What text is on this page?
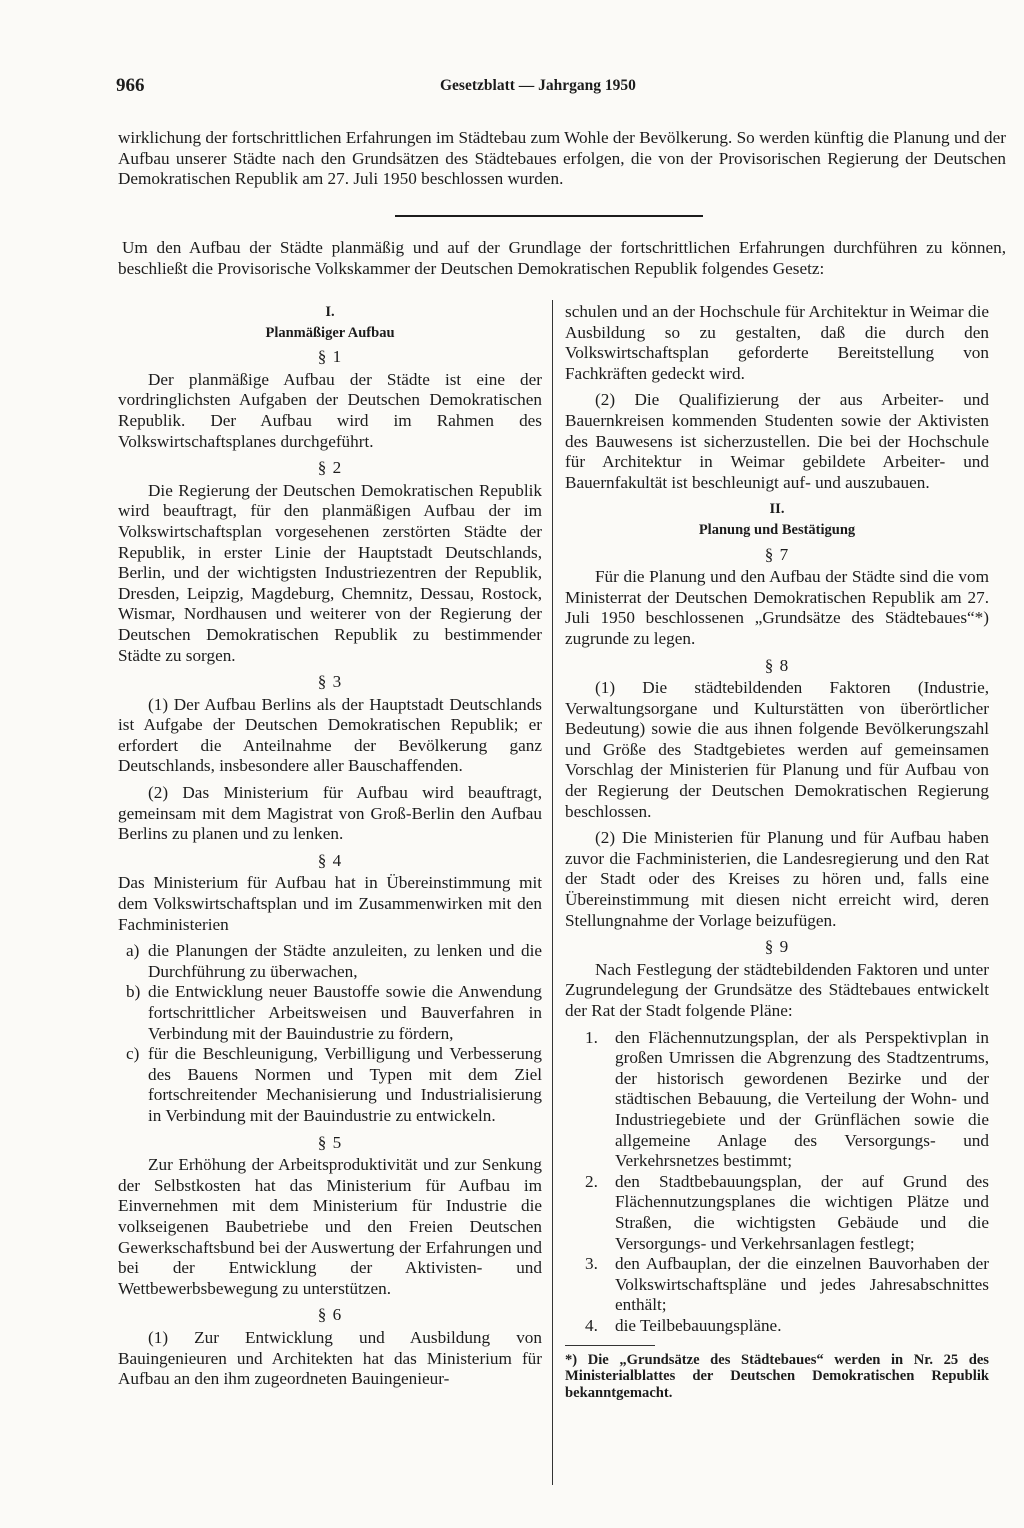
966	Gesetzblatt — Jahrgang 1950

wirklichung der fortschrittlichen Erfahrungen im Städtebau zum Wohle der Bevölkerung. So werden künftig die Planung und der Aufbau unserer Städte nach den Grundsätzen des Städtebaues erfolgen, die von der Provisorischen Regierung der Deutschen Demokratischen Republik am 27. Juli 1950 beschlossen wurden.

Um den Aufbau der Städte planmäßig und auf der Grundlage der fortschrittlichen Erfahrungen durchführen zu können, beschließt die Provisorische Volkskammer der Deutschen Demokratischen Republik folgendes Gesetz:

I.
Planmäßiger Aufbau
§ 1

Der planmäßige Aufbau der Städte ist eine der vordringlichsten Aufgaben der Deutschen Demokratischen Republik. Der Aufbau wird im Rahmen des Volkswirtschaftsplanes durchgeführt.

§ 2

Die Regierung der Deutschen Demokratischen Republik wird beauftragt, für den planmäßigen Aufbau der im Volkswirtschaftsplan vorgesehenen zerstörten Städte der Republik, in erster Linie der Hauptstadt Deutschlands, Berlin, und der wichtigsten Industriezentren der Republik, Dresden, Leipzig, Magdeburg, Chemnitz, Dessau, Rostock, Wismar, Nordhausen und weiterer von der Regierung der Deutschen Demokratischen Republik zu bestimmender Städte zu sorgen.

§ 3

(1) Der Aufbau Berlins als der Hauptstadt Deutschlands ist Aufgabe der Deutschen Demokratischen Republik; er erfordert die Anteilnahme der Bevölkerung ganz Deutschlands, insbesondere aller Bauschaffenden.

(2) Das Ministerium für Aufbau wird beauftragt, gemeinsam mit dem Magistrat von Groß-Berlin den Aufbau Berlins zu planen und zu lenken.

§ 4

Das Ministerium für Aufbau hat in Übereinstimmung mit dem Volkswirtschaftsplan und im Zusammenwirken mit den Fachministerien

a) die Planungen der Städte anzuleiten, zu lenken und die Durchführung zu überwachen,
b) die Entwicklung neuer Baustoffe sowie die Anwendung fortschrittlicher Arbeitsweisen und Bauverfahren in Verbindung mit der Bauindustrie zu fördern,
c) für die Beschleunigung, Verbilligung und Verbesserung des Bauens Normen und Typen mit dem Ziel fortschreitender Mechanisierung und Industrialisierung in Verbindung mit der Bauindustrie zu entwickeln.
§ 5

Zur Erhöhung der Arbeitsproduktivität und zur Senkung der Selbstkosten hat das Ministerium für Aufbau im Einvernehmen mit dem Ministerium für Industrie die volkseigenen Baubetriebe und den Freien Deutschen Gewerkschaftsbund bei der Auswertung der Erfahrungen und bei der Entwicklung der Aktivisten- und Wettbewerbsbewegung zu unterstützen.

§ 6

(1) Zur Entwicklung und Ausbildung von Bauingenieuren und Architekten hat das Ministerium für Aufbau an den ihm zugeordneten Bauingenieur-

schulen und an der Hochschule für Architektur in Weimar die Ausbildung so zu gestalten, daß die durch den Volkswirtschaftsplan geforderte Bereitstellung von Fachkräften gedeckt wird.

(2) Die Qualifizierung der aus Arbeiter- und Bauernkreisen kommenden Studenten sowie der Aktivisten des Bauwesens ist sicherzustellen. Die bei der Hochschule für Architektur in Weimar gebildete Arbeiter- und Bauernfakultät ist beschleunigt auf- und auszubauen.

II.
Planung und Bestätigung
§ 7

Für die Planung und den Aufbau der Städte sind die vom Ministerrat der Deutschen Demokratischen Republik am 27. Juli 1950 beschlossenen „Grundsätze des Städtebaues“*) zugrunde zu legen.

§ 8

(1) Die städtebildenden Faktoren (Industrie, Verwaltungsorgane und Kulturstätten von überörtlicher Bedeutung) sowie die aus ihnen folgende Bevölkerungszahl und Größe des Stadtgebietes werden auf gemeinsamen Vorschlag der Ministerien für Planung und für Aufbau von der Regierung der Deutschen Demokratischen Regierung beschlossen.

(2) Die Ministerien für Planung und für Aufbau haben zuvor die Fachministerien, die Landesregierung und den Rat der Stadt oder des Kreises zu hören und, falls eine Übereinstimmung mit diesen nicht erreicht wird, deren Stellungnahme der Vorlage beizufügen.

§ 9

Nach Festlegung der städtebildenden Faktoren und unter Zugrundelegung der Grundsätze des Städtebaues entwickelt der Rat der Stadt folgende Pläne:

1. den Flächennutzungsplan, der als Perspektivplan in großen Umrissen die Abgrenzung des Stadtzentrums, der historisch gewordenen Bezirke und der städtischen Bebauung, die Verteilung der Wohn- und Industriegebiete und der Grünflächen sowie die allgemeine Anlage des Versorgungs- und Verkehrsnetzes bestimmt;
2. den Stadtbebauungsplan, der auf Grund des Flächennutzungsplanes die wichtigen Plätze und Straßen, die wichtigsten Gebäude und die Versorgungs- und Verkehrsanlagen festlegt;
3. den Aufbauplan, der die einzelnen Bauvorhaben der Volkswirtschaftspläne und jedes Jahresabschnittes enthält;
4. die Teilbebauungspläne.

*) Die „Grundsätze des Städtebaues“ werden in Nr. 25 des Ministerialblattes der Deutschen Demokratischen Republik bekanntgemacht.
